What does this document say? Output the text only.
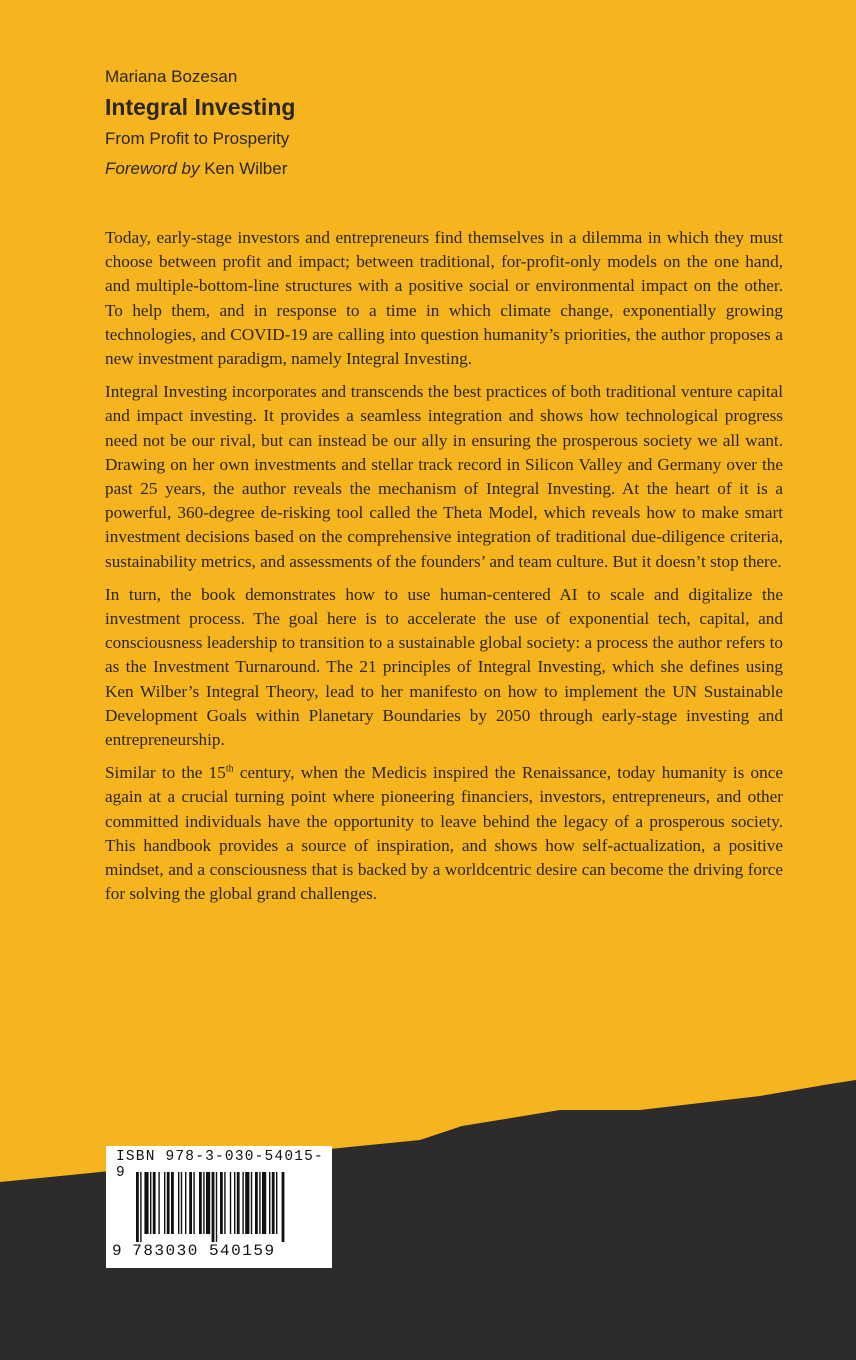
Mariana Bozesan

Integral Investing

From Profit to Prosperity

Foreword by Ken Wilber

Today, early-stage investors and entrepreneurs find themselves in a dilemma in which they must choose between profit and impact; between traditional, for-profit-only models on the one hand, and multiple-bottom-line structures with a positive social or environmental impact on the other. To help them, and in response to a time in which climate change, exponentially growing technologies, and COVID-19 are calling into question humanity’s priorities, the author proposes a new investment paradigm, namely Integral Investing.

Integral Investing incorporates and transcends the best practices of both traditional venture capital and impact investing. It provides a seamless integration and shows how technological progress need not be our rival, but can instead be our ally in ensuring the prosperous society we all want. Drawing on her own investments and stellar track record in Silicon Valley and Germany over the past 25 years, the author reveals the mechanism of Integral Investing. At the heart of it is a powerful, 360-degree de-risking tool called the Theta Model, which reveals how to make smart investment decisions based on the comprehensive integration of traditional due-diligence criteria, sustainability metrics, and assessments of the founders’ and team culture. But it doesn’t stop there.

In turn, the book demonstrates how to use human-centered AI to scale and digitalize the investment process. The goal here is to accelerate the use of exponential tech, capital, and consciousness leadership to transition to a sustainable global society: a process the author refers to as the Investment Turnaround. The 21 principles of Integral Investing, which she defines using Ken Wilber’s Integral Theory, lead to her manifesto on how to implement the UN Sustainable Development Goals within Planetary Boundaries by 2050 through early-stage investing and entrepreneurship.

Similar to the 15th century, when the Medicis inspired the Renaissance, today humanity is once again at a crucial turning point where pioneering financiers, investors, entrepreneurs, and other committed individuals have the opportunity to leave behind the legacy of a prosperous society. This handbook provides a source of inspiration, and shows how self-actualization, a positive mindset, and a consciousness that is backed by a worldcentric desire can become the driving force for solving the global grand challenges.

ISBN 978-3-030-54015-9
9 783030 540159
